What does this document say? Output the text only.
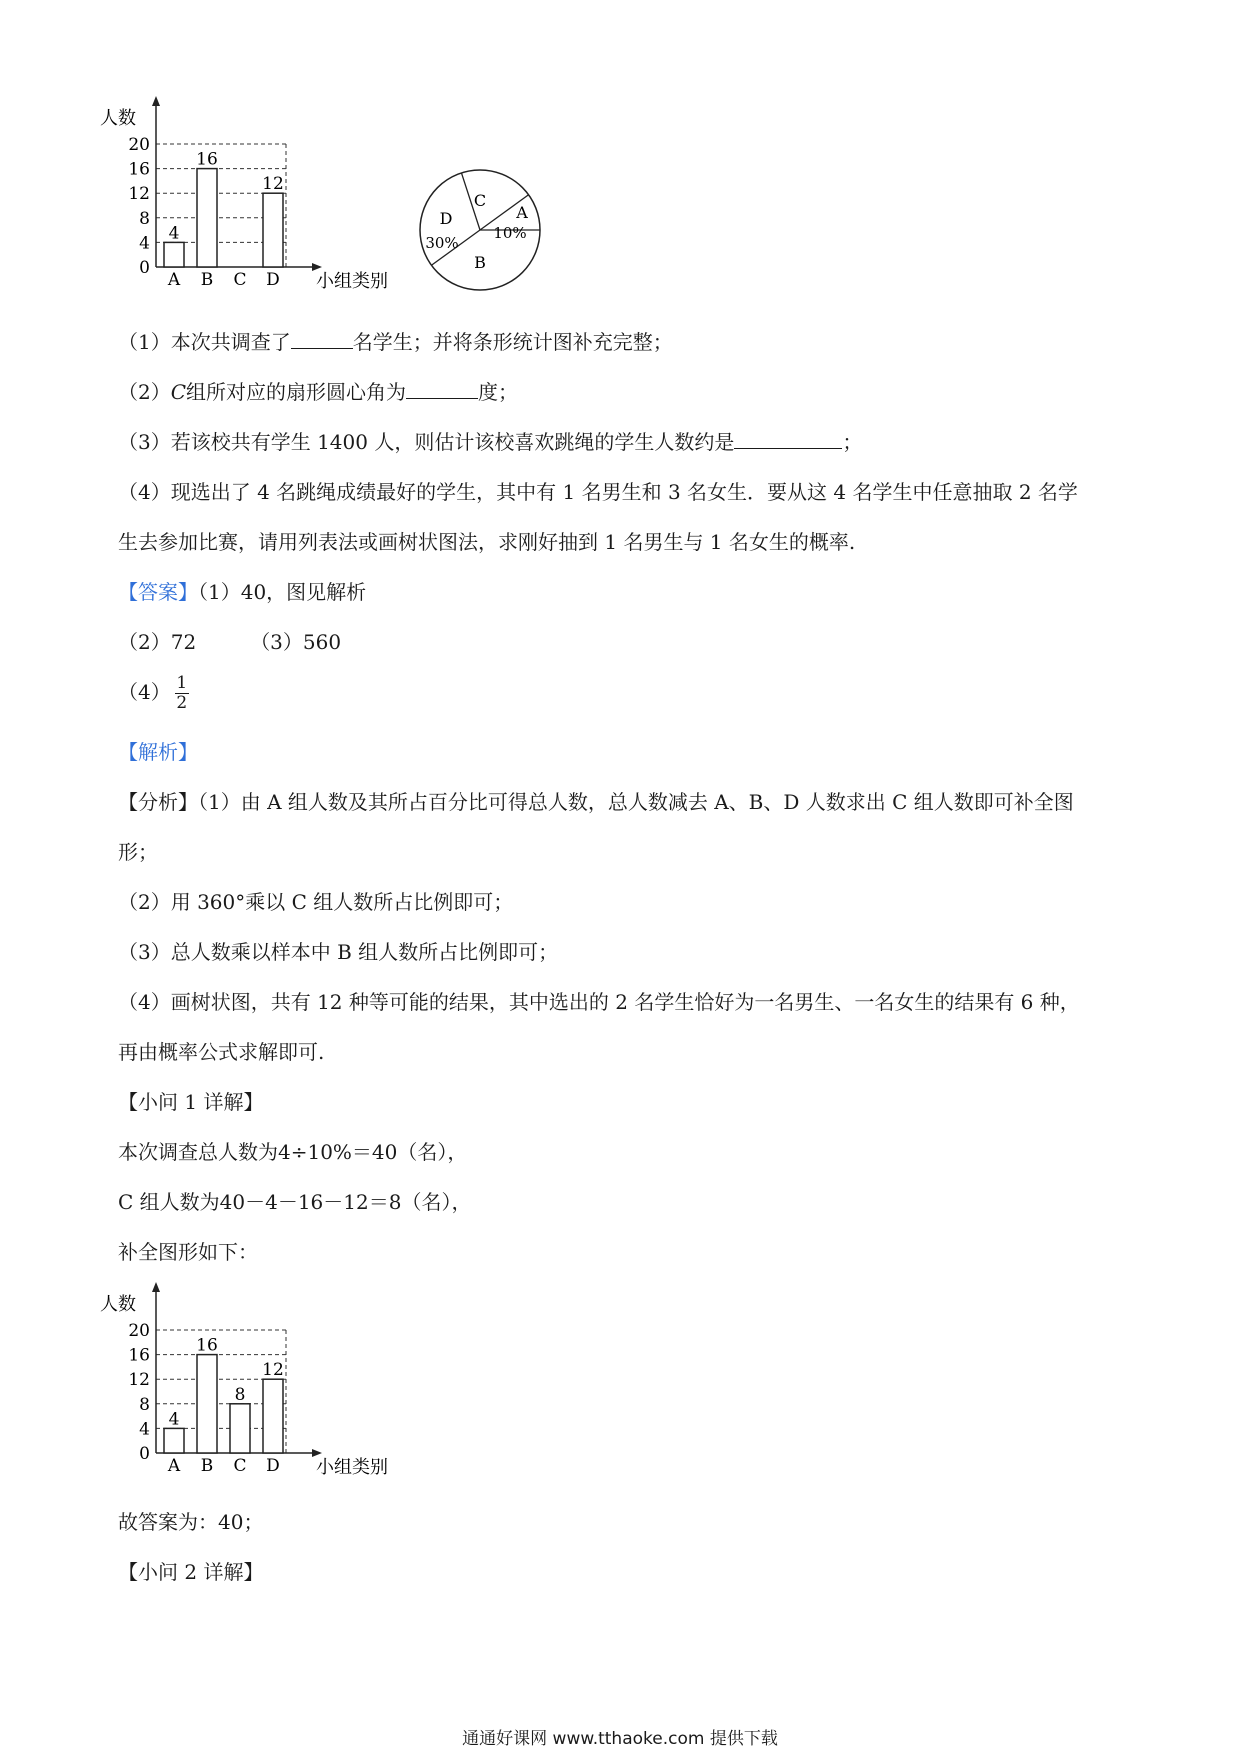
0
4
8
12
16
20
人数
小组类别
4
A
16
B C
12
D
A
10%
B
D
30%
C
（1）本次共调查了	名学生；并将条形统计图补充完整；
（2）C组所对应的扇形圆心角为	度；
（3）若该校共有学生 1400 人，则估计该校喜欢跳绳的学生人数约是	；
（4）现选出了 4 名跳绳成绩最好的学生，其中有 1 名男生和 3 名女生．要从这 4 名学生中任意抽取 2 名学
生去参加比赛，请用列表法或画树状图法，求刚好抽到 1 名男生与 1 名女生的概率.
【答案】（1）40，图见解析
（2）72	（3）560
$(4) \frac{1}{2}$
【解析】
【分析】（1）由 A 组人数及其所占百分比可得总人数，总人数减去 A、B、D 人数求出 C 组人数即可补全图
形；
（2）用 360°乘以 C 组人数所占比例即可；
（3）总人数乘以样本中 B 组人数所占比例即可；
（4）画树状图，共有 12 种等可能的结果，其中选出的 2 名学生恰好为一名男生、一名女生的结果有 6 种，
再由概率公式求解即可.
【小问 1 详解】
本次调查总人数为4÷10%＝40（名），
C 组人数为40－4－16－12＝8（名），
补全图形如下：
0
4
8
12
16
20
人数
小组类别
4
A
16
B
8
C
12
D
故答案为：40；
【小问 2 详解】
通通好课网 www.tthaoke.com 提供下载
